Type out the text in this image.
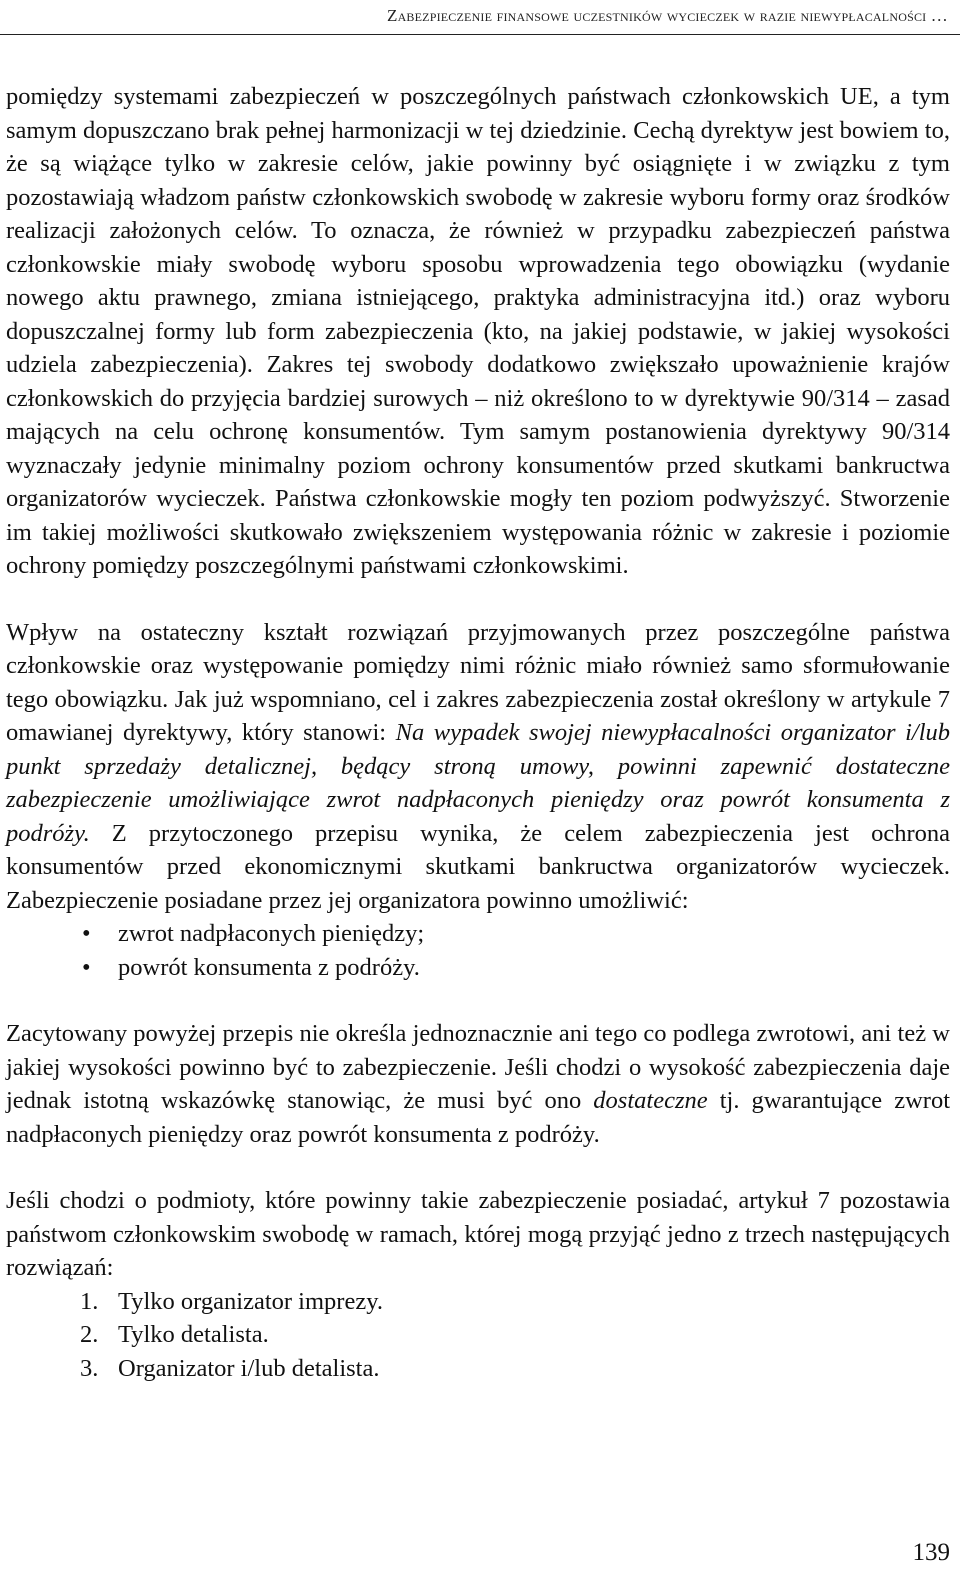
Zabezpieczenie finansowe uczestników wycieczek w razie niewypłacalności …

pomiędzy systemami zabezpieczeń w poszczególnych państwach członkowskich UE, a tym samym dopuszczano brak pełnej harmonizacji w tej dziedzinie. Cechą dyrektyw jest bowiem to, że są wiążące tylko w zakresie celów, jakie powinny być osiągnięte i w związku z tym pozostawiają władzom państw członkowskich swobodę w zakresie wyboru formy oraz środków realizacji założonych celów. To oznacza, że również w przypadku zabezpieczeń państwa członkowskie miały swobodę wyboru sposobu wprowadzenia tego obowiązku (wydanie nowego aktu prawnego, zmiana istniejącego, praktyka administracyjna itd.) oraz wyboru dopuszczalnej formy lub form zabezpieczenia (kto, na jakiej podstawie, w jakiej wysokości udziela zabezpieczenia). Zakres tej swobody dodatkowo zwiększało upoważnienie krajów członkowskich do przyjęcia bardziej surowych – niż określono to w dyrektywie 90/314 – zasad mających na celu ochronę konsumentów. Tym samym postanowienia dyrektywy 90/314 wyznaczały jedynie minimalny poziom ochrony konsumentów przed skutkami bankructwa organizatorów wycieczek. Państwa członkowskie mogły ten poziom podwyższyć. Stworzenie im takiej możliwości skutkowało zwiększeniem występowania różnic w zakresie i poziomie ochrony pomiędzy poszczególnymi państwami członkowskimi.

Wpływ na ostateczny kształt rozwiązań przyjmowanych przez poszczególne państwa członkowskie oraz występowanie pomiędzy nimi różnic miało również samo sformułowanie tego obowiązku. Jak już wspomniano, cel i zakres zabezpieczenia został określony w artykule 7 omawianej dyrektywy, który stanowi: Na wypadek swojej niewypłacalności organizator i/lub punkt sprzedaży detalicznej, będący stroną umowy, powinni zapewnić dostateczne zabezpieczenie umożliwiające zwrot nadpłaconych pieniędzy oraz powrót konsumenta z podróży. Z przytoczonego przepisu wynika, że celem zabezpieczenia jest ochrona konsumentów przed ekonomicznymi skutkami bankructwa organizatorów wycieczek. Zabezpieczenie posiadane przez jej organizatora powinno umożliwić:

• zwrot nadpłaconych pieniędzy;
• powrót konsumenta z podróży.

Zacytowany powyżej przepis nie określa jednoznacznie ani tego co podlega zwrotowi, ani też w jakiej wysokości powinno być to zabezpieczenie. Jeśli chodzi o wysokość zabezpieczenia daje jednak istotną wskazówkę stanowiąc, że musi być ono dostateczne tj. gwarantujące zwrot nadpłaconych pieniędzy oraz powrót konsumenta z podróży.

Jeśli chodzi o podmioty, które powinny takie zabezpieczenie posiadać, artykuł 7 pozostawia państwom członkowskim swobodę w ramach, której mogą przyjąć jedno z trzech następujących rozwiązań:

1. Tylko organizator imprezy.
2. Tylko detalista.
3. Organizator i/lub detalista.
139
